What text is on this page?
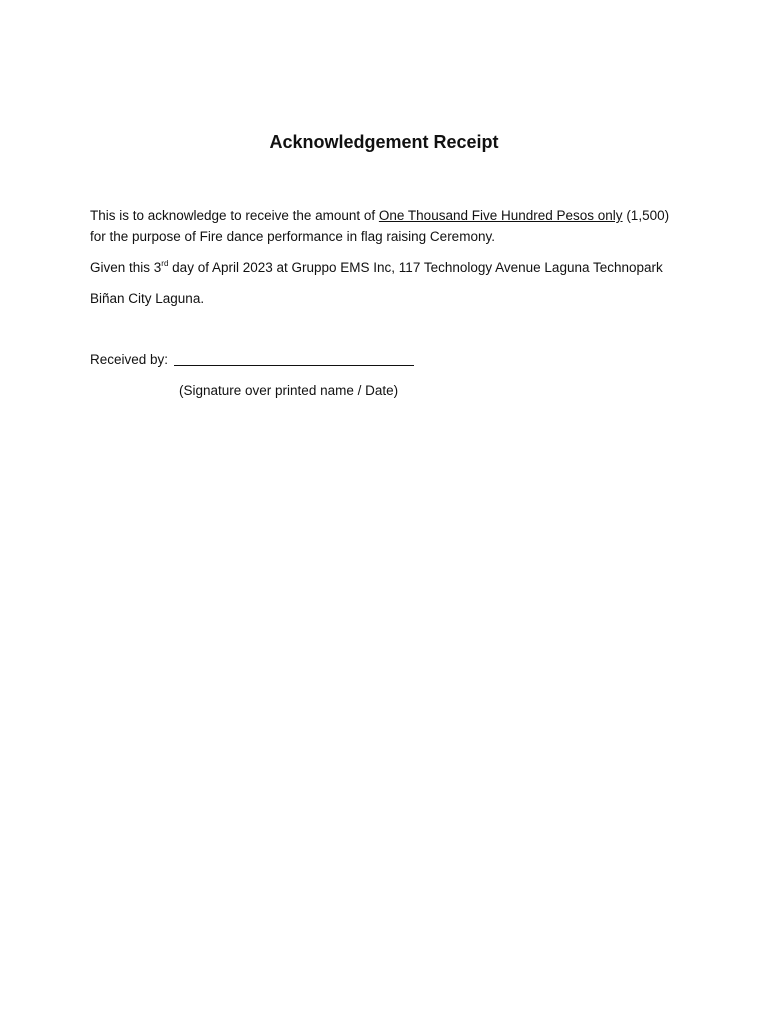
Acknowledgement Receipt
This is to acknowledge to receive the amount of One Thousand Five Hundred Pesos only (1,500)
for the purpose of Fire dance performance in flag raising Ceremony.
Given this 3rd day of April 2023 at Gruppo EMS Inc, 117 Technology Avenue Laguna Technopark
Biñan City Laguna.
Received by:
(Signature over printed name / Date)
